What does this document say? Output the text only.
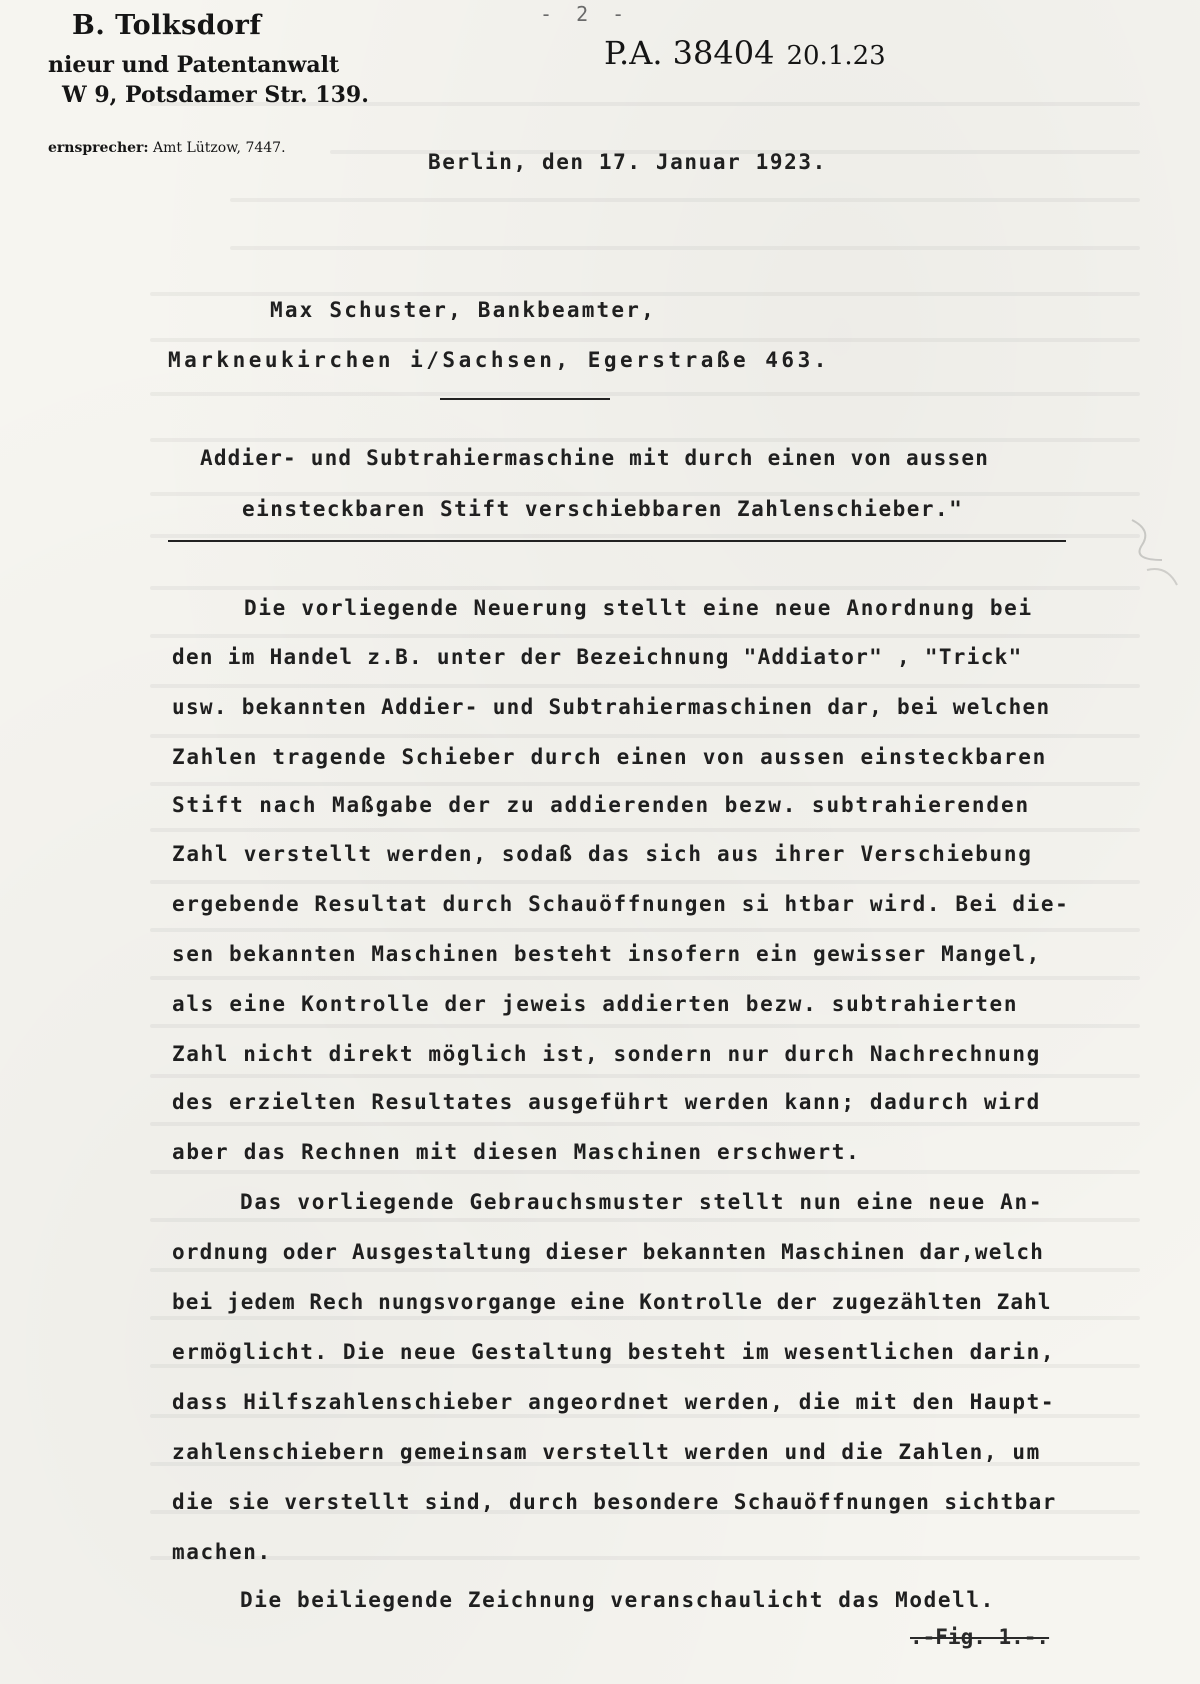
- 2 -
B. Tolksdorf
nieur und Patentanwalt
W 9, Potsdamer Str. 139.
ernsprecher: Amt Lützow, 7447.
P.A. 38404 20.1.23
Berlin, den 17. Januar 1923.
Max Schuster, Bankbeamter,
Markneukirchen i/Sachsen, Egerstraße 463.
Addier- und Subtrahiermaschine mit durch einen von aussen
einsteckbaren Stift verschiebbaren Zahlenschieber."
Die vorliegende Neuerung stellt eine neue Anordnung bei
den im Handel z.B. unter der Bezeichnung "Addiator" , "Trick"
usw. bekannten Addier- und Subtrahiermaschinen dar, bei welchen
Zahlen tragende Schieber durch einen von aussen einsteckbaren
Stift nach Maßgabe der zu addierenden bezw. subtrahierenden
Zahl verstellt werden, sodaß das sich aus ihrer Verschiebung
ergebende Resultat durch Schauöffnungen si htbar wird. Bei die-
sen bekannten Maschinen besteht insofern ein gewisser Mangel,
als eine Kontrolle der jeweis addierten bezw. subtrahierten
Zahl nicht direkt möglich ist, sondern nur durch Nachrechnung
des erzielten Resultates ausgeführt werden kann; dadurch wird
aber das Rechnen mit diesen Maschinen erschwert.
Das vorliegende Gebrauchsmuster stellt nun eine neue An-
ordnung oder Ausgestaltung dieser bekannten Maschinen dar,welch
bei jedem Rech nungsvorgange eine Kontrolle der zugezählten Zahl
ermöglicht. Die neue Gestaltung besteht im wesentlichen darin,
dass Hilfszahlenschieber angeordnet werden, die mit den Haupt-
zahlenschiebern gemeinsam verstellt werden und die Zahlen, um
die sie verstellt sind, durch besondere Schauöffnungen sichtbar
machen.
Die beiliegende Zeichnung veranschaulicht das Modell.
.-Fig. 1.-.
